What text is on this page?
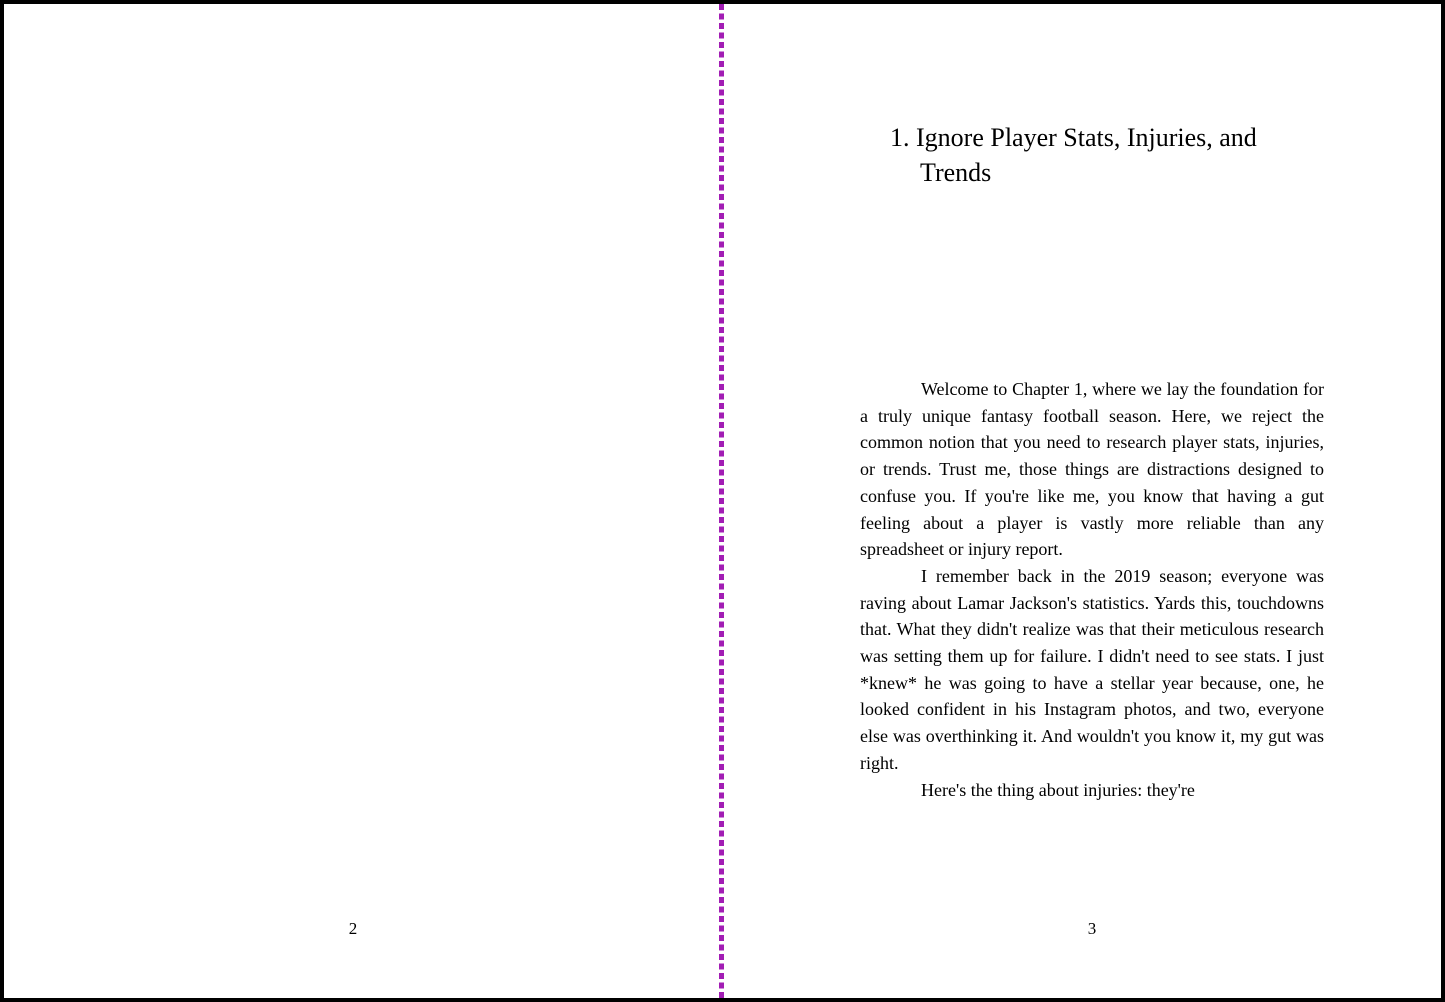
2
1. Ignore Player Stats, Injuries, and Trends

Welcome to Chapter 1, where we lay the foundation for a truly unique fantasy football season. Here, we reject the common notion that you need to research player stats, injuries, or trends. Trust me, those things are distractions designed to confuse you. If you're like me, you know that having a gut feeling about a player is vastly more reliable than any spreadsheet or injury report.

I remember back in the 2019 season; everyone was raving about Lamar Jackson's statistics. Yards this, touchdowns that. What they didn't realize was that their meticulous research was setting them up for failure. I didn't need to see stats. I just *knew* he was going to have a stellar year because, one, he looked confident in his Instagram photos, and two, everyone else was overthinking it. And wouldn't you know it, my gut was right.

Here's the thing about injuries: they're

3
